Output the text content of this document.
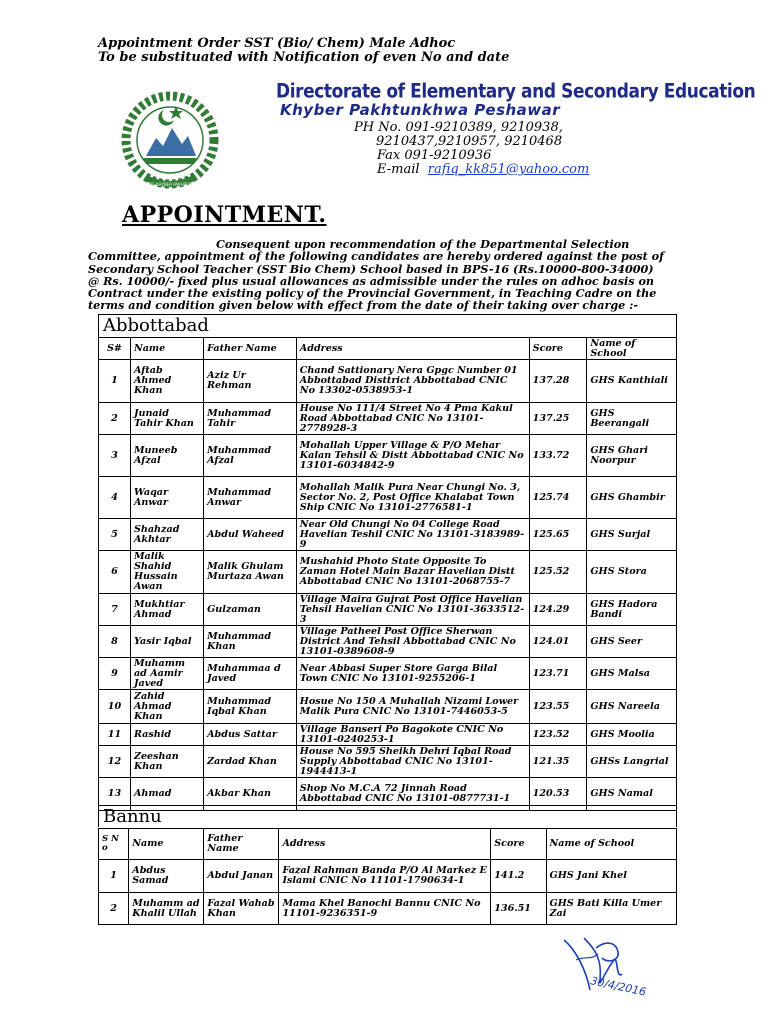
Appointment Order SST (Bio/ Chem) Male Adhoc
To be substituated with Notification of even No and date
GOVT. OF KHYBER PAKHTUNKHWA
Directorate of Elementary and Secondary Education
Khyber Pakhtunkhwa Peshawar
PH No. 091-9210389, 9210938,
9210437,9210957, 9210468
Fax 091-9210936
E-mail rafiq_kk851@yahoo.com
APPOINTMENT.
Consequent upon recommendation of the Departmental Selection
Committee, appointment of the following candidates are hereby ordered against the post of
Secondary School Teacher (SST Bio Chem) School based in BPS-16 (Rs.10000-800-34000)
@ Rs. 10000/- fixed plus usual allowances as admissible under the rules on adhoc basis on
Contract under the existing policy of the Provincial Government, in Teaching Cadre on the
terms and condition given below with effect from the date of their taking over charge :-
Abbottabad					
S#	Name	Father Name	Address	Score	Name of School
1	Aftab Ahmed Khan	Aziz Ur Rehman	Chand Sattionary Nera Gpgc Number 01 Abbottabad Disttrict Abbottabad CNIC No 13302-0538953-1	137.28	GHS Kanthiali
2	Junaid Tahir Khan	Muhammad Tahir	House No 111/4 Street No 4 Pma Kakul Road Abbottabad CNIC No 13101-2778928-3	137.25	GHS Beerangali
3	Muneeb Afzal	Muhammad Afzal	Mohallah Upper Village & P/O Mehar Kalan Tehsil & Distt Abbottabad CNIC No 13101-6034842-9	133.72	GHS Ghari Noorpur
4	Waqar Anwar	Muhammad Anwar	Mohallah Malik Pura Near Chungi No. 3, Sector No. 2, Post Office Khalabat Town Ship CNIC No 13101-2776581-1	125.74	GHS Ghambir
5	Shahzad Akhtar	Abdul Waheed	Near Old Chungi No 04 College Road Havelian Teshil CNIC No 13101-3183989-9	125.65	GHS Surjal
6	Malik Shahid Hussain Awan	Malik Ghulam Murtaza Awan	Mushahid Photo State Opposite To Zaman Hotel Main Bazar Havelian Distt Abbottabad CNIC No 13101-2068755-7	125.52	GHS Stora
7	Mukhtiar Ahmad	Gulzaman	Village Maira Gujrat Post Office Havelian Tehsil Havelian CNIC No 13101-3633512-3	124.29	GHS Hadora Bandi
8	Yasir Iqbal	Muhammad Khan	Village Patheel Post Office Sherwan District And Tehsil Abbottabad CNIC No 13101-0389608-9	124.01	GHS Seer
9	Muhamm ad Aamir Javed	Muhammaa d Javed	Near Abbasi Super Store Garga Bilal Town CNIC No 13101-9255206-1	123.71	GHS Malsa
10	Zahid Ahmad Khan	Muhammad Iqbal Khan	Hosue No 150 A Muhallah Nizami Lower Malik Pura CNIC No 13101-7446053-5	123.55	GHS Nareela
11	Rashid	Abdus Sattar	Village Banseri Po Bagokote CNIC No 13101-0240253-1	123.52	GHS Moolia
12	Zeeshan Khan	Zardad Khan	House No 595 Sheikh Dehri Iqbal Road Supply Abbottabad CNIC No 13101-1944413-1	121.35	GHSs Langrial
13	Ahmad	Akbar Khan	Shop No M.C.A 72 Jinnah Road Abbottabad CNIC No 13101-0877731-1	120.53	GHS Namal
Bannu
S N o	Name	Father Name	Address	Score	Name of School
1	Abdus Samad	Abdul Janan	Fazal Rahman Banda P/O Al Markez E Islami CNIC No 11101-1790634-1	141.2	GHS Jani Khel
2	Muhamm ad Khalil Ullah	Fazal Wahab Khan	Mama Khel Banochi Bannu CNIC No 11101-9236351-9	136.51	GHS Bati Killa Umer Zai
30/4/2016
